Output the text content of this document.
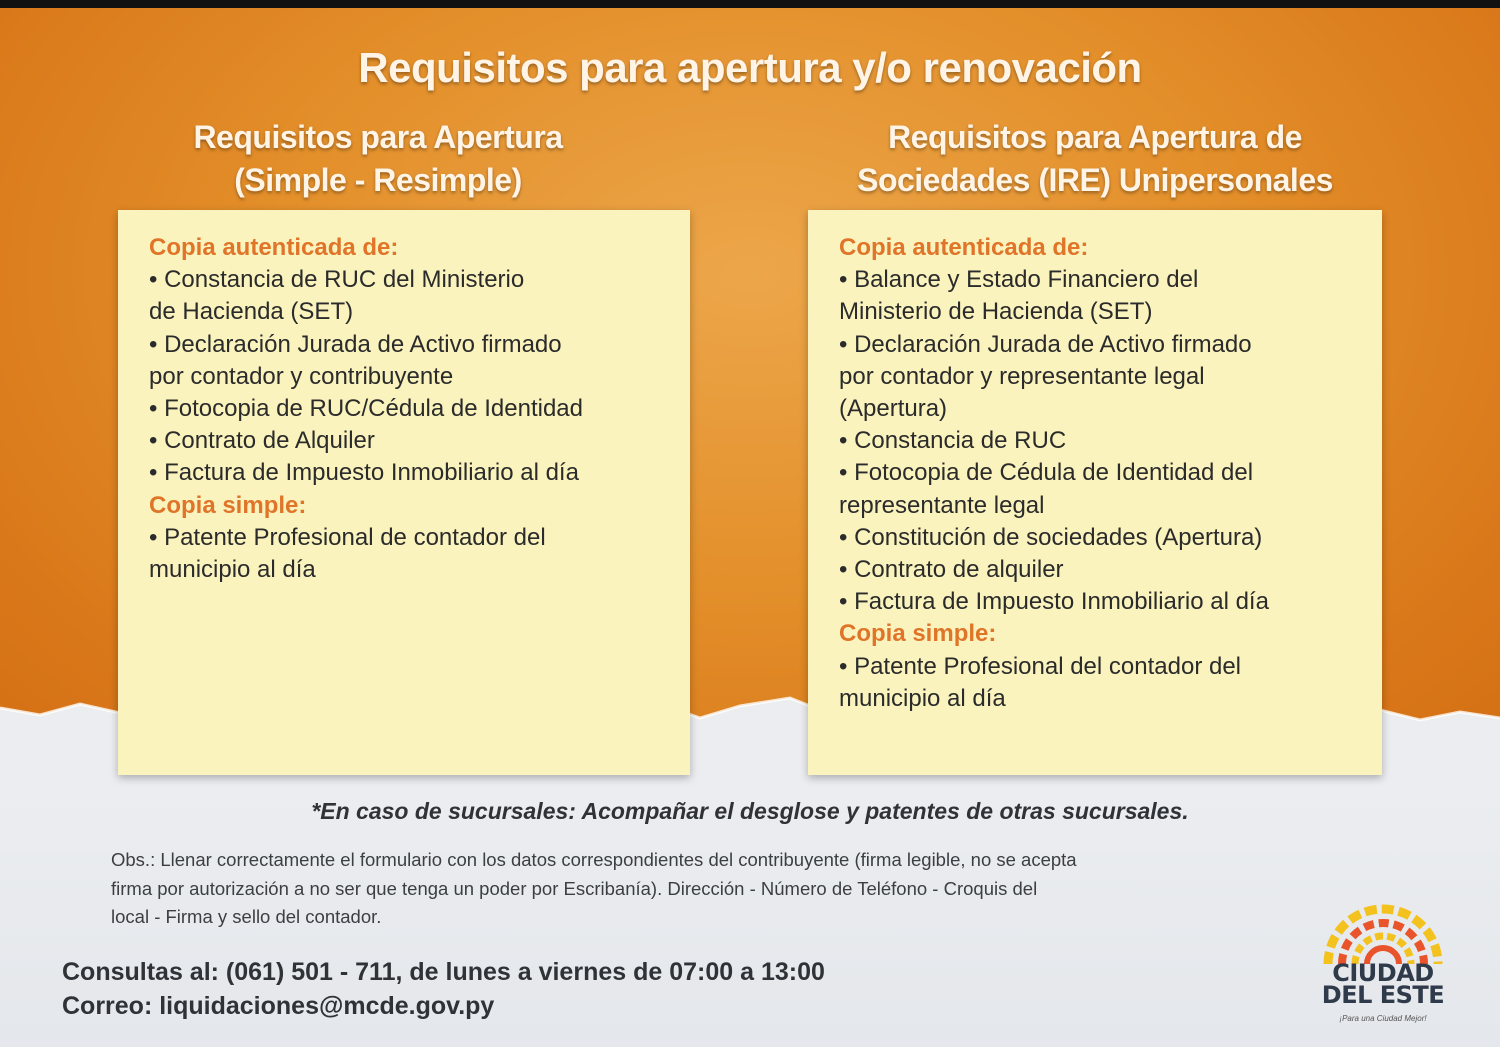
Requisitos para apertura y/o renovación
Requisitos para Apertura
(Simple - Resimple)
Requisitos para Apertura de
Sociedades (IRE) Unipersonales
Copia autenticada de:
• Constancia de RUC del Ministerio
de Hacienda (SET)
• Declaración Jurada de Activo firmado
por contador y contribuyente
• Fotocopia de RUC/Cédula de Identidad
• Contrato de Alquiler
• Factura de Impuesto Inmobiliario al día
Copia simple:
• Patente Profesional de contador del
municipio al día
Copia autenticada de:
• Balance y Estado Financiero del
Ministerio de Hacienda (SET)
• Declaración Jurada de Activo firmado
por contador y representante legal
(Apertura)
• Constancia de RUC
• Fotocopia de Cédula de Identidad del
representante legal
• Constitución de sociedades (Apertura)
• Contrato de alquiler
• Factura de Impuesto Inmobiliario al día
Copia simple:
• Patente Profesional del contador del
municipio al día
*En caso de sucursales: Acompañar el desglose y patentes de otras sucursales.
Obs.: Llenar correctamente el formulario con los datos correspondientes del contribuyente (firma legible, no se acepta
firma por autorización a no ser que tenga un poder por Escribanía). Dirección - Número de Teléfono - Croquis del
local - Firma y sello del contador.
Consultas al: (061) 501 - 711, de lunes a viernes de 07:00 a 13:00
Correo: liquidaciones@mcde.gov.py
CIUDAD
DEL ESTE
¡Para una Ciudad Mejor!
